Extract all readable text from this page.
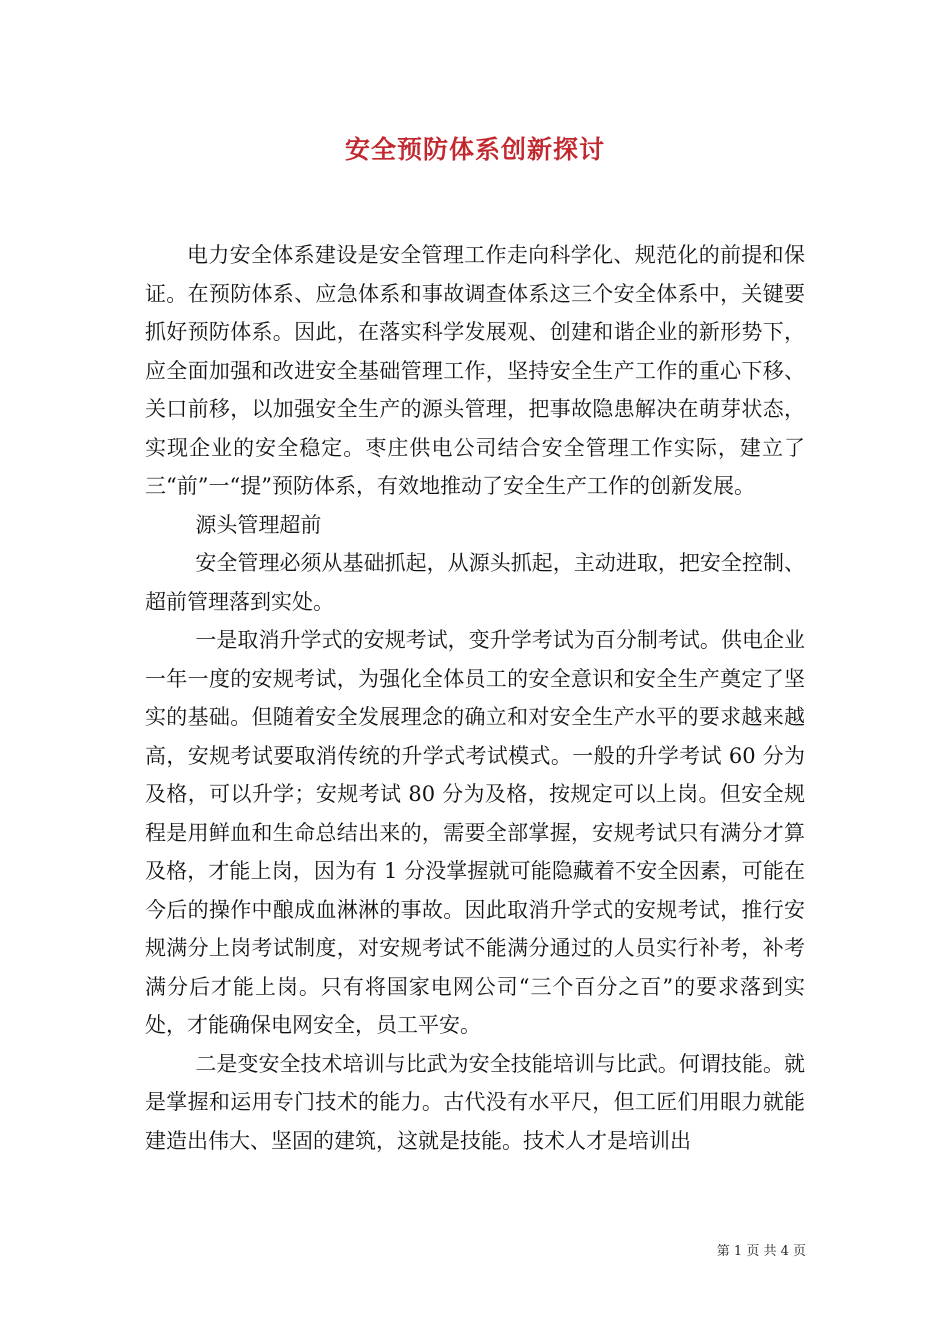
安全预防体系创新探讨

电力安全体系建设是安全管理工作走向科学化、规范化的前提和保证。在预防体系、应急体系和事故调查体系这三个安全体系中，关键要抓好预防体系。因此，在落实科学发展观、创建和谐企业的新形势下，应全面加强和改进安全基础管理工作，坚持安全生产工作的重心下移、关口前移，以加强安全生产的源头管理，把事故隐患解决在萌芽状态，实现企业的安全稳定。枣庄供电公司结合安全管理工作实际，建立了三“前”一“提”预防体系，有效地推动了安全生产工作的创新发展。

源头管理超前

安全管理必须从基础抓起，从源头抓起，主动进取，把安全控制、超前管理落到实处。

一是取消升学式的安规考试，变升学考试为百分制考试。供电企业一年一度的安规考试，为强化全体员工的安全意识和安全生产奠定了坚实的基础。但随着安全发展理念的确立和对安全生产水平的要求越来越高，安规考试要取消传统的升学式考试模式。一般的升学考试 60 分为及格，可以升学；安规考试 80 分为及格，按规定可以上岗。但安全规程是用鲜血和生命总结出来的，需要全部掌握，安规考试只有满分才算及格，才能上岗，因为有 1 分没掌握就可能隐藏着不安全因素，可能在今后的操作中酿成血淋淋的事故。因此取消升学式的安规考试，推行安规满分上岗考试制度，对安规考试不能满分通过的人员实行补考，补考满分后才能上岗。只有将国家电网公司“三个百分之百”的要求落到实处，才能确保电网安全，员工平安。

二是变安全技术培训与比武为安全技能培训与比武。何谓技能。就是掌握和运用专门技术的能力。古代没有水平尺，但工匠们用眼力就能建造出伟大、坚固的建筑，这就是技能。技术人才是培训出

第 1 页 共 4 页
